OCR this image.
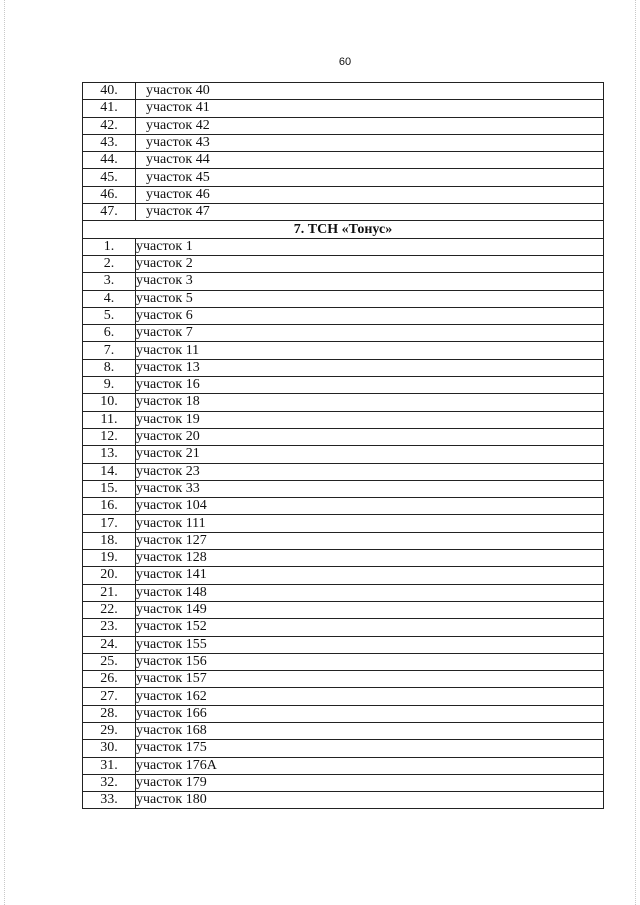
60
40.	участок 40
41.	участок 41
42.	участок 42
43.	участок 43
44.	участок 44
45.	участок 45
46.	участок 46
47.	участок 47
7. ТСН «Тонус»	
1.	участок 1
2.	участок 2
3.	участок 3
4.	участок 5
5.	участок 6
6.	участок 7
7.	участок 11
8.	участок 13
9.	участок 16
10.	участок 18
11.	участок 19
12.	участок 20
13.	участок 21
14.	участок 23
15.	участок 33
16.	участок 104
17.	участок 111
18.	участок 127
19.	участок 128
20.	участок 141
21.	участок 148
22.	участок 149
23.	участок 152
24.	участок 155
25.	участок 156
26.	участок 157
27.	участок 162
28.	участок 166
29.	участок 168
30.	участок 175
31.	участок 176А
32.	участок 179
33.	участок 180
